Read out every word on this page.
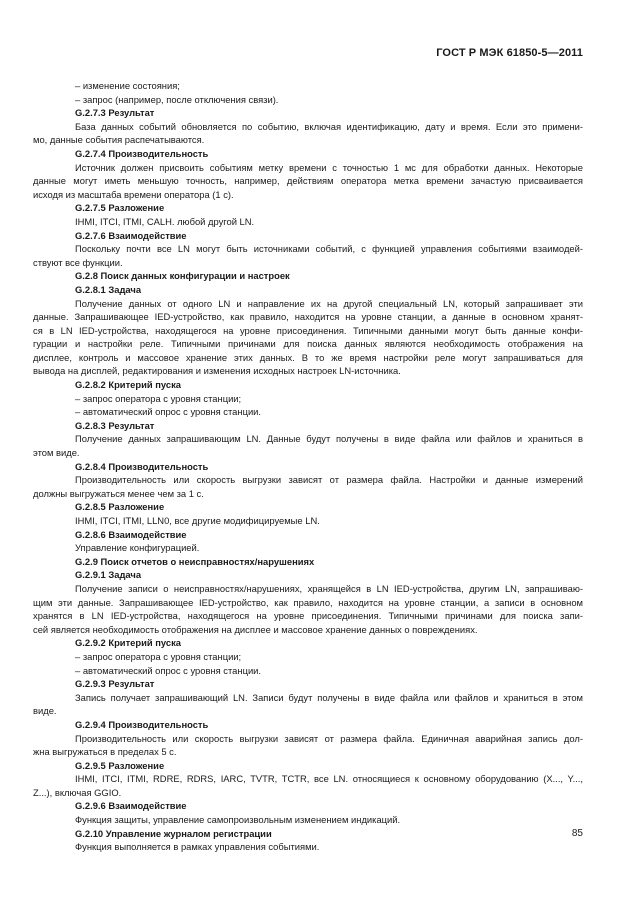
ГОСТ Р МЭК 61850-5—2011
– изменение состояния;
– запрос (например, после отключения связи).
G.2.7.3 Результат
База данных событий обновляется по событию, включая идентификацию, дату и время. Если это примени-
мо, данные события распечатываются.
G.2.7.4 Производительность
Источник должен присвоить событиям метку времени с точностью 1 мс для обработки данных. Некоторые
данные могут иметь меньшую точность, например, действиям оператора метка времени зачастую присваивается
исходя из масштаба времени оператора (1 с).
G.2.7.5 Разложение
IHMI, ITCI, ITMI, CALH. любой другой LN.
G.2.7.6 Взаимодействие
Поскольку почти все LN могут быть источниками событий, с функцией управления событиями взаимодей-
ствуют все функции.
G.2.8 Поиск данных конфигурации и настроек
G.2.8.1 Задача
Получение данных от одного LN и направление их на другой специальный LN, который запрашивает эти
данные. Запрашивающее IED-устройство, как правило, находится на уровне станции, а данные в основном хранят-
ся в LN IED-устройства, находящегося на уровне присоединения. Типичными данными могут быть данные конфи-
гурации и настройки реле. Типичными причинами для поиска данных являются необходимость отображения на
дисплее, контроль и массовое хранение этих данных. В то же время настройки реле могут запрашиваться для
вывода на дисплей, редактирования и изменения исходных настроек LN-источника.
G.2.8.2 Критерий пуска
– запрос оператора с уровня станции;
– автоматический опрос с уровня станции.
G.2.8.3 Результат
Получение данных запрашивающим LN. Данные будут получены в виде файла или файлов и храниться в
этом виде.
G.2.8.4 Производительность
Производительность или скорость выгрузки зависят от размера файла. Настройки и данные измерений
должны выгружаться менее чем за 1 с.
G.2.8.5 Разложение
IHMI, ITCI, ITMI, LLN0, все другие модифицируемые LN.
G.2.8.6 Взаимодействие
Управление конфигурацией.
G.2.9 Поиск отчетов о неисправностях/нарушениях
G.2.9.1 Задача
Получение записи о неисправностях/нарушениях, хранящейся в LN IED-устройства, другим LN, запрашиваю-
щим эти данные. Запрашивающее IED-устройство, как правило, находится на уровне станции, а записи в основном
хранятся в LN IED-устройства, находящегося на уровне присоединения. Типичными причинами для поиска запи-
сей является необходимость отображения на дисплее и массовое хранение данных о повреждениях.
G.2.9.2 Критерий пуска
– запрос оператора с уровня станции;
– автоматический опрос с уровня станции.
G.2.9.3 Результат
Запись получает запрашивающий LN. Записи будут получены в виде файла или файлов и храниться в этом
виде.
G.2.9.4 Производительность
Производительность или скорость выгрузки зависят от размера файла. Единичная аварийная запись дол-
жна выгружаться в пределах 5 с.
G.2.9.5 Разложение
IHMI, ITCI, ITMI, RDRE, RDRS, IARC, TVTR, TCTR, все LN. относящиеся к основному оборудованию (X..., Y...,
Z...), включая GGIO.
G.2.9.6 Взаимодействие
Функция защиты, управление самопроизвольным изменением индикаций.
G.2.10 Управление журналом регистрации
Функция выполняется в рамках управления событиями.
85
